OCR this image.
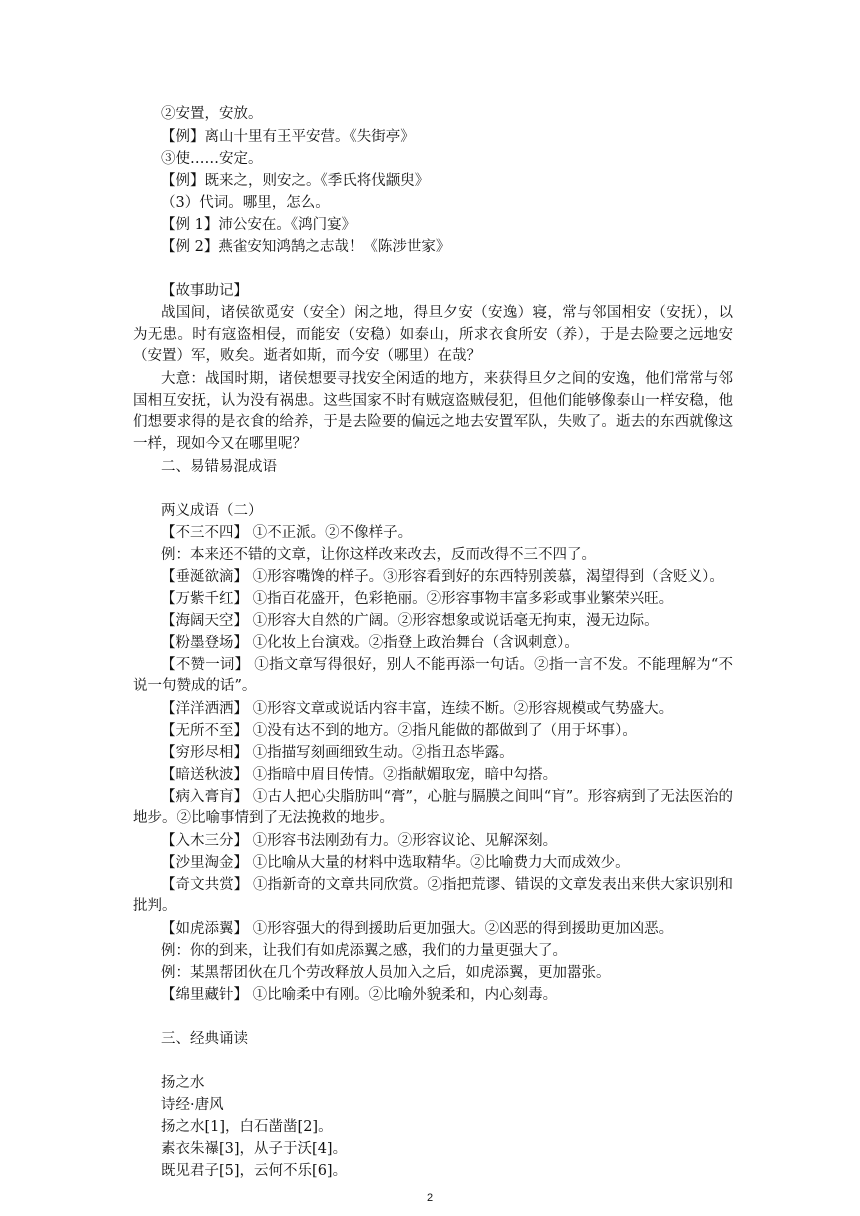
②安置，安放。
【例】离山十里有王平安营。《失街亭》
③使……安定。
【例】既来之，则安之。《季氏将伐颛臾》
（3）代词。哪里，怎么。
【例 1】沛公安在。《鸿门宴》
【例 2】燕雀安知鸿鹄之志哉！《陈涉世家》
【故事助记】
战国间，诸侯欲觅安（安全）闲之地，得旦夕安（安逸）寝，常与邻国相安（安抚），以为无患。时有寇盗相侵，而能安（安稳）如泰山，所求衣食所安（养），于是去险要之远地安（安置）军，败矣。逝者如斯，而今安（哪里）在哉？
大意：战国时期，诸侯想要寻找安全闲适的地方，来获得旦夕之间的安逸，他们常常与邻国相互安抚，认为没有祸患。这些国家不时有贼寇盗贼侵犯，但他们能够像泰山一样安稳，他们想要求得的是衣食的给养，于是去险要的偏远之地去安置军队，失败了。逝去的东西就像这一样，现如今又在哪里呢？
二、易错易混成语
两义成语（二）
【不三不四】 ①不正派。②不像样子。
例：本来还不错的文章，让你这样改来改去，反而改得不三不四了。
【垂涎欲滴】 ①形容嘴馋的样子。③形容看到好的东西特别羡慕，渴望得到（含贬义）。
【万紫千红】 ①指百花盛开，色彩艳丽。②形容事物丰富多彩或事业繁荣兴旺。
【海阔天空】 ①形容大自然的广阔。②形容想象或说话毫无拘束，漫无边际。
【粉墨登场】 ①化妆上台演戏。②指登上政治舞台（含讽刺意）。
【不赞一词】 ①指文章写得很好，别人不能再添一句话。②指一言不发。不能理解为“不说一句赞成的话”。
【洋洋洒洒】 ①形容文章或说话内容丰富，连续不断。②形容规模或气势盛大。
【无所不至】 ①没有达不到的地方。②指凡能做的都做到了（用于坏事）。
【穷形尽相】 ①指描写刻画细致生动。②指丑态毕露。
【暗送秋波】 ①指暗中眉目传情。②指献媚取宠，暗中勾搭。
【病入膏肓】 ①古人把心尖脂肪叫“膏”，心脏与膈膜之间叫“肓”。形容病到了无法医治的地步。②比喻事情到了无法挽救的地步。
【入木三分】 ①形容书法刚劲有力。②形容议论、见解深刻。
【沙里淘金】 ①比喻从大量的材料中选取精华。②比喻费力大而成效少。
【奇文共赏】 ①指新奇的文章共同欣赏。②指把荒谬、错误的文章发表出来供大家识别和批判。
【如虎添翼】 ①形容强大的得到援助后更加强大。②凶恶的得到援助更加凶恶。
例：你的到来，让我们有如虎添翼之感，我们的力量更强大了。
例：某黑帮团伙在几个劳改释放人员加入之后，如虎添翼，更加嚣张。
【绵里藏针】 ①比喻柔中有刚。②比喻外貌柔和，内心刻毒。
三、经典诵读
扬之水
诗经·唐风
扬之水[1]，白石凿凿[2]。
素衣朱襮[3]，从子于沃[4]。
既见君子[5]，云何不乐[6]。
2
